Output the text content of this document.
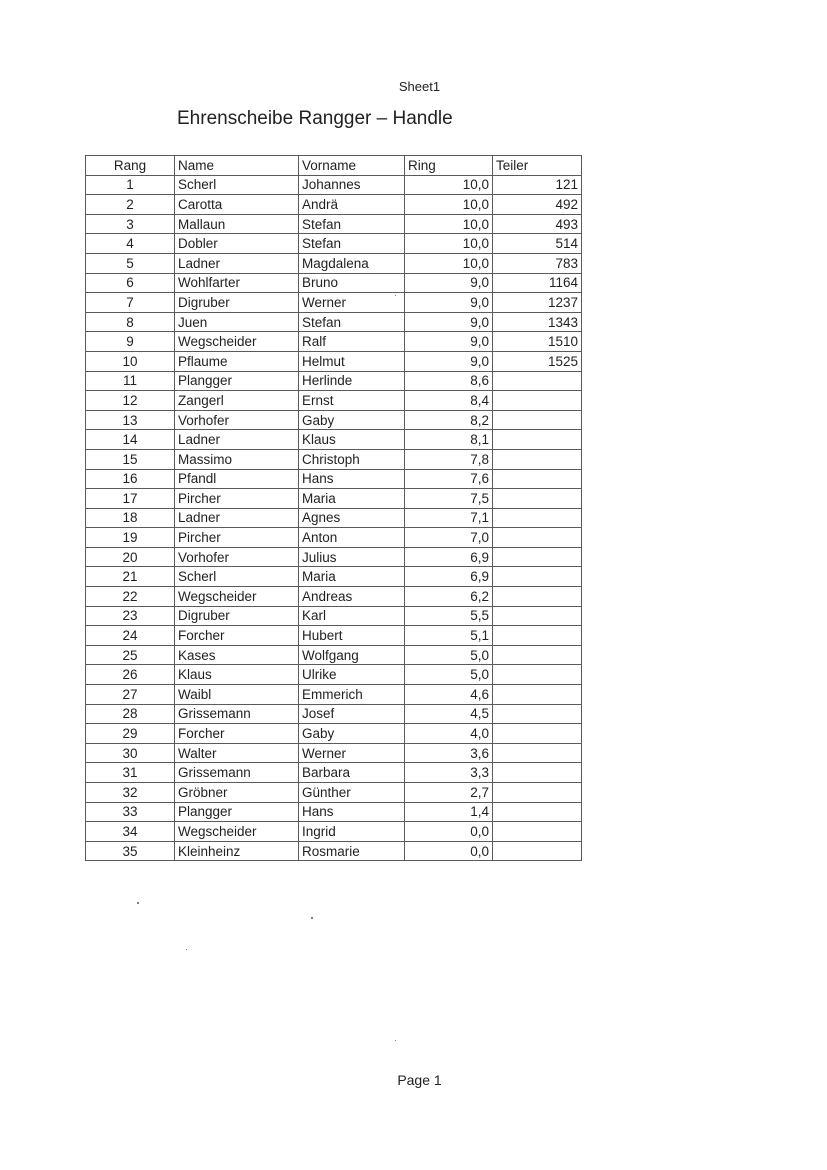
Sheet1
Ehrenscheibe Rangger – Handle
Rang	Name	Vorname	Ring	Teiler
1	Scherl	Johannes	10,0	121
2	Carotta	Andrä	10,0	492
3	Mallaun	Stefan	10,0	493
4	Dobler	Stefan	10,0	514
5	Ladner	Magdalena	10,0	783
6	Wohlfarter	Bruno	9,0	1164
7	Digruber	Werner	9,0	1237
8	Juen	Stefan	9,0	1343
9	Wegscheider	Ralf	9,0	1510
10	Pflaume	Helmut	9,0	1525
11	Plangger	Herlinde	8,6	
12	Zangerl	Ernst	8,4	
13	Vorhofer	Gaby	8,2	
14	Ladner	Klaus	8,1	
15	Massimo	Christoph	7,8	
16	Pfandl	Hans	7,6	
17	Pircher	Maria	7,5	
18	Ladner	Agnes	7,1	
19	Pircher	Anton	7,0	
20	Vorhofer	Julius	6,9	
21	Scherl	Maria	6,9	
22	Wegscheider	Andreas	6,2	
23	Digruber	Karl	5,5	
24	Forcher	Hubert	5,1	
25	Kases	Wolfgang	5,0	
26	Klaus	Ulrike	5,0	
27	Waibl	Emmerich	4,6	
28	Grissemann	Josef	4,5	
29	Forcher	Gaby	4,0	
30	Walter	Werner	3,6	
31	Grissemann	Barbara	3,3	
32	Gröbner	Günther	2,7	
33	Plangger	Hans	1,4	
34	Wegscheider	Ingrid	0,0	
35	Kleinheinz	Rosmarie	0,0	
Page 1
